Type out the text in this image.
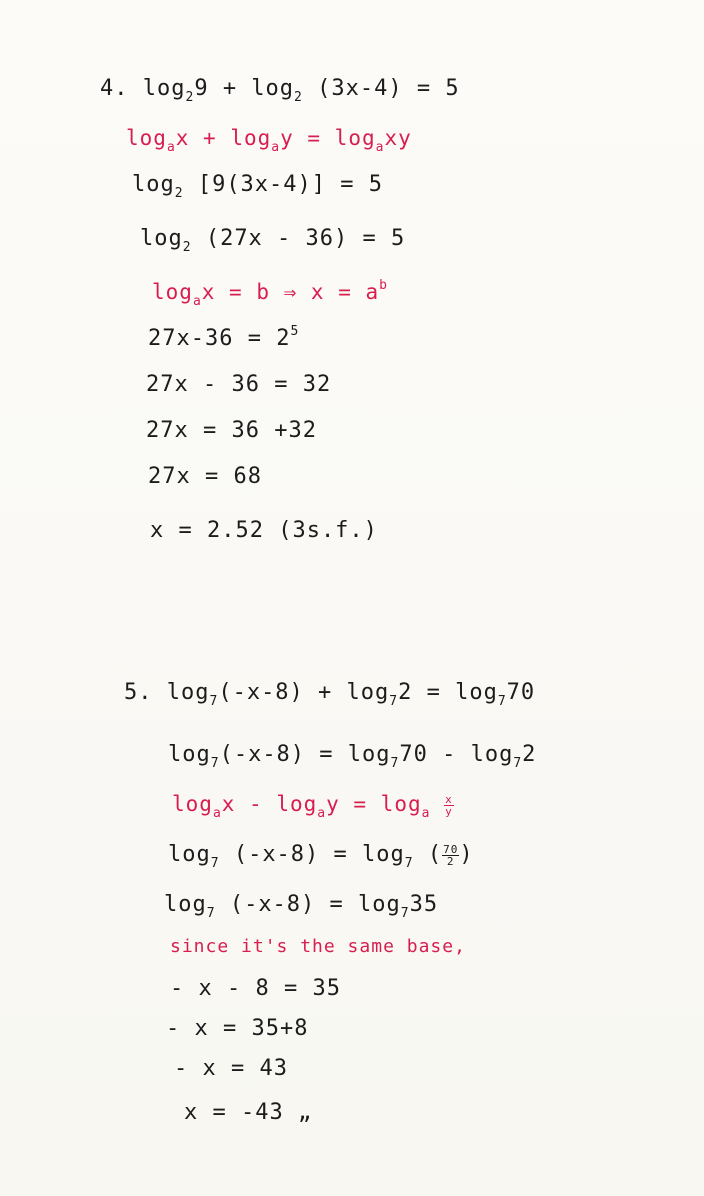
4. $\log_29 + \log_2 (3x-4) = 5$
$\log_ax + \log_ay = \log_axy$
$\log_2 [9(3x-4)] = 5$
$\log_2 (27x - 36) = 5$
$\log_ax = b$ ⇒ $x = a^b$
$27x-36 = 2^5$
27x - 36 = 32
27x = 36 +32
27x = 68
x = 2.52 (3s.f.)
5. $\log_7(-x-8) + \log_72 = \log_770$
$\log_7(-x-8) = \log_770 - \log_72$
$\log_ax - \log_ay = \log_a \frac{x}{y}$
$\log_7 (-x-8) = \log_7$ ( $\frac{70}{2}$ )
$\log_7 (-x-8) = \log_735$
since it's the same base,
- x - 8 = 35
- x = 35+8
- x = 43
x = -43 „
